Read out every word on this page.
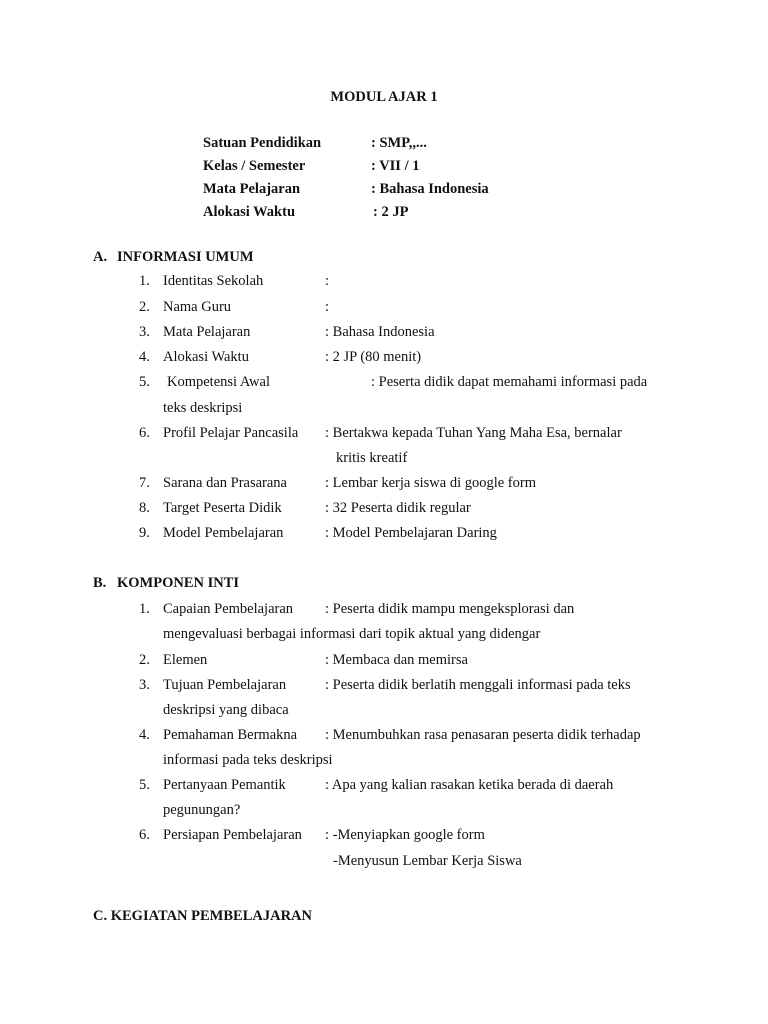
MODUL AJAR 1
Satuan Pendidikan	: SMP,,...
Kelas / Semester	: VII / 1
Mata Pelajaran	: Bahasa Indonesia
Alokasi Waktu	: 2 JP
A. INFORMASI UMUM
1. Identitas Sekolah	:
2. Nama Guru	:
3. Mata Pelajaran	: Bahasa Indonesia
4. Alokasi Waktu	: 2 JP (80 menit)
5. Kompetensi Awal	: Peserta didik dapat memahami informasi pada
teks deskripsi
6. Profil Pelajar Pancasila : Bertakwa kepada Tuhan Yang Maha Esa, bernalar
kritis kreatif
7. Sarana dan Prasarana	: Lembar kerja siswa di google form
8. Target Peserta Didik	: 32 Peserta didik regular
9. Model Pembelajaran	: Model Pembelajaran Daring
B. KOMPONEN INTI
1. Capaian Pembelajaran : Peserta didik mampu mengeksplorasi dan
mengevaluasi berbagai informasi dari topik aktual yang didengar
2. Elemen	: Membaca dan memirsa
3. Tujuan Pembelajaran	: Peserta didik berlatih menggali informasi pada teks
deskripsi yang dibaca
4. Pemahaman Bermakna : Menumbuhkan rasa penasaran peserta didik terhadap
informasi pada teks deskripsi
5. Pertanyaan Pemantik	: Apa yang kalian rasakan ketika berada di daerah
pegunungan?
6. Persiapan Pembelajaran : -Menyiapkan google form
-Menyusun Lembar Kerja Siswa
C. KEGIATAN PEMBELAJARAN
